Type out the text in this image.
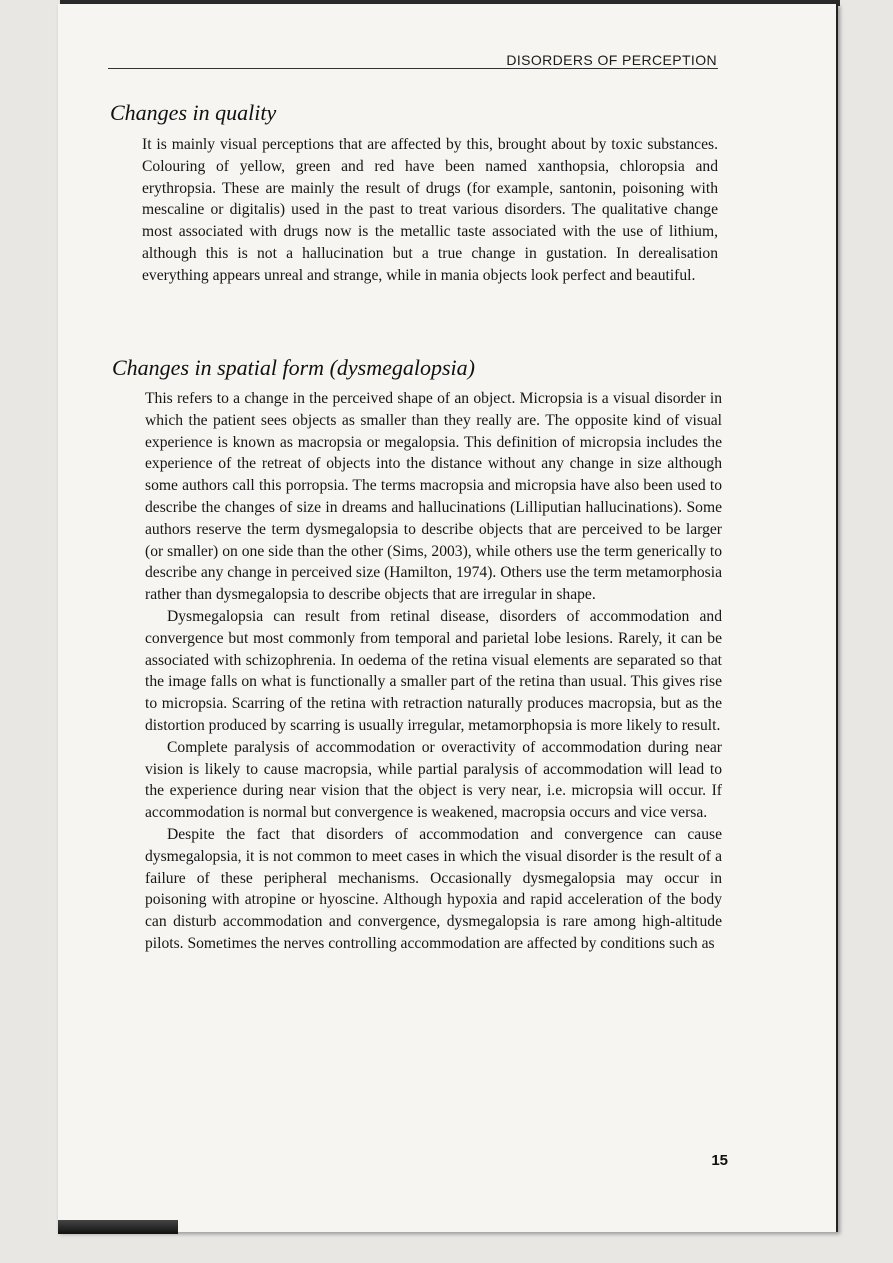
DISORDERS OF PERCEPTION
Changes in quality

It is mainly visual perceptions that are affected by this, brought about by toxic substances. Colouring of yellow, green and red have been named xanthopsia, chloropsia and erythropsia. These are mainly the result of drugs (for example, santonin, poisoning with mescaline or digitalis) used in the past to treat various disorders. The qualitative change most associated with drugs now is the metallic taste associated with the use of lithium, although this is not a hallucination but a true change in gustation. In derealisation everything appears unreal and strange, while in mania objects look perfect and beautiful.

Changes in spatial form (dysmegalopsia)

This refers to a change in the perceived shape of an object. Micropsia is a visual disorder in which the patient sees objects as smaller than they really are. The opposite kind of visual experience is known as macropsia or megalopsia. This definition of micropsia includes the experience of the retreat of objects into the distance without any change in size although some authors call this porropsia. The terms macropsia and micropsia have also been used to describe the changes of size in dreams and hallucinations (Lilliputian hallucinations). Some authors reserve the term dysmegalopsia to describe objects that are perceived to be larger (or smaller) on one side than the other (Sims, 2003), while others use the term generically to describe any change in perceived size (Hamilton, 1974). Others use the term metamorphosia rather than dysmegalopsia to describe objects that are irregular in shape.

Dysmegalopsia can result from retinal disease, disorders of accommodation and convergence but most commonly from temporal and parietal lobe lesions. Rarely, it can be associated with schizophrenia. In oedema of the retina visual elements are separated so that the image falls on what is functionally a smaller part of the retina than usual. This gives rise to micropsia. Scarring of the retina with retraction naturally produces macropsia, but as the distortion produced by scarring is usually irregular, metamorphopsia is more likely to result.

Complete paralysis of accommodation or overactivity of accommodation during near vision is likely to cause macropsia, while partial paralysis of accommodation will lead to the experience during near vision that the object is very near, i.e. micropsia will occur. If accommodation is normal but convergence is weakened, macropsia occurs and vice versa.

Despite the fact that disorders of accommodation and convergence can cause dysmegalopsia, it is not common to meet cases in which the visual disorder is the result of a failure of these peripheral mechanisms. Occasionally dysmegalopsia may occur in poisoning with atropine or hyoscine. Although hypoxia and rapid acceleration of the body can disturb accommodation and convergence, dysmegalopsia is rare among high-altitude pilots. Sometimes the nerves controlling accommodation are affected by conditions such as

15
